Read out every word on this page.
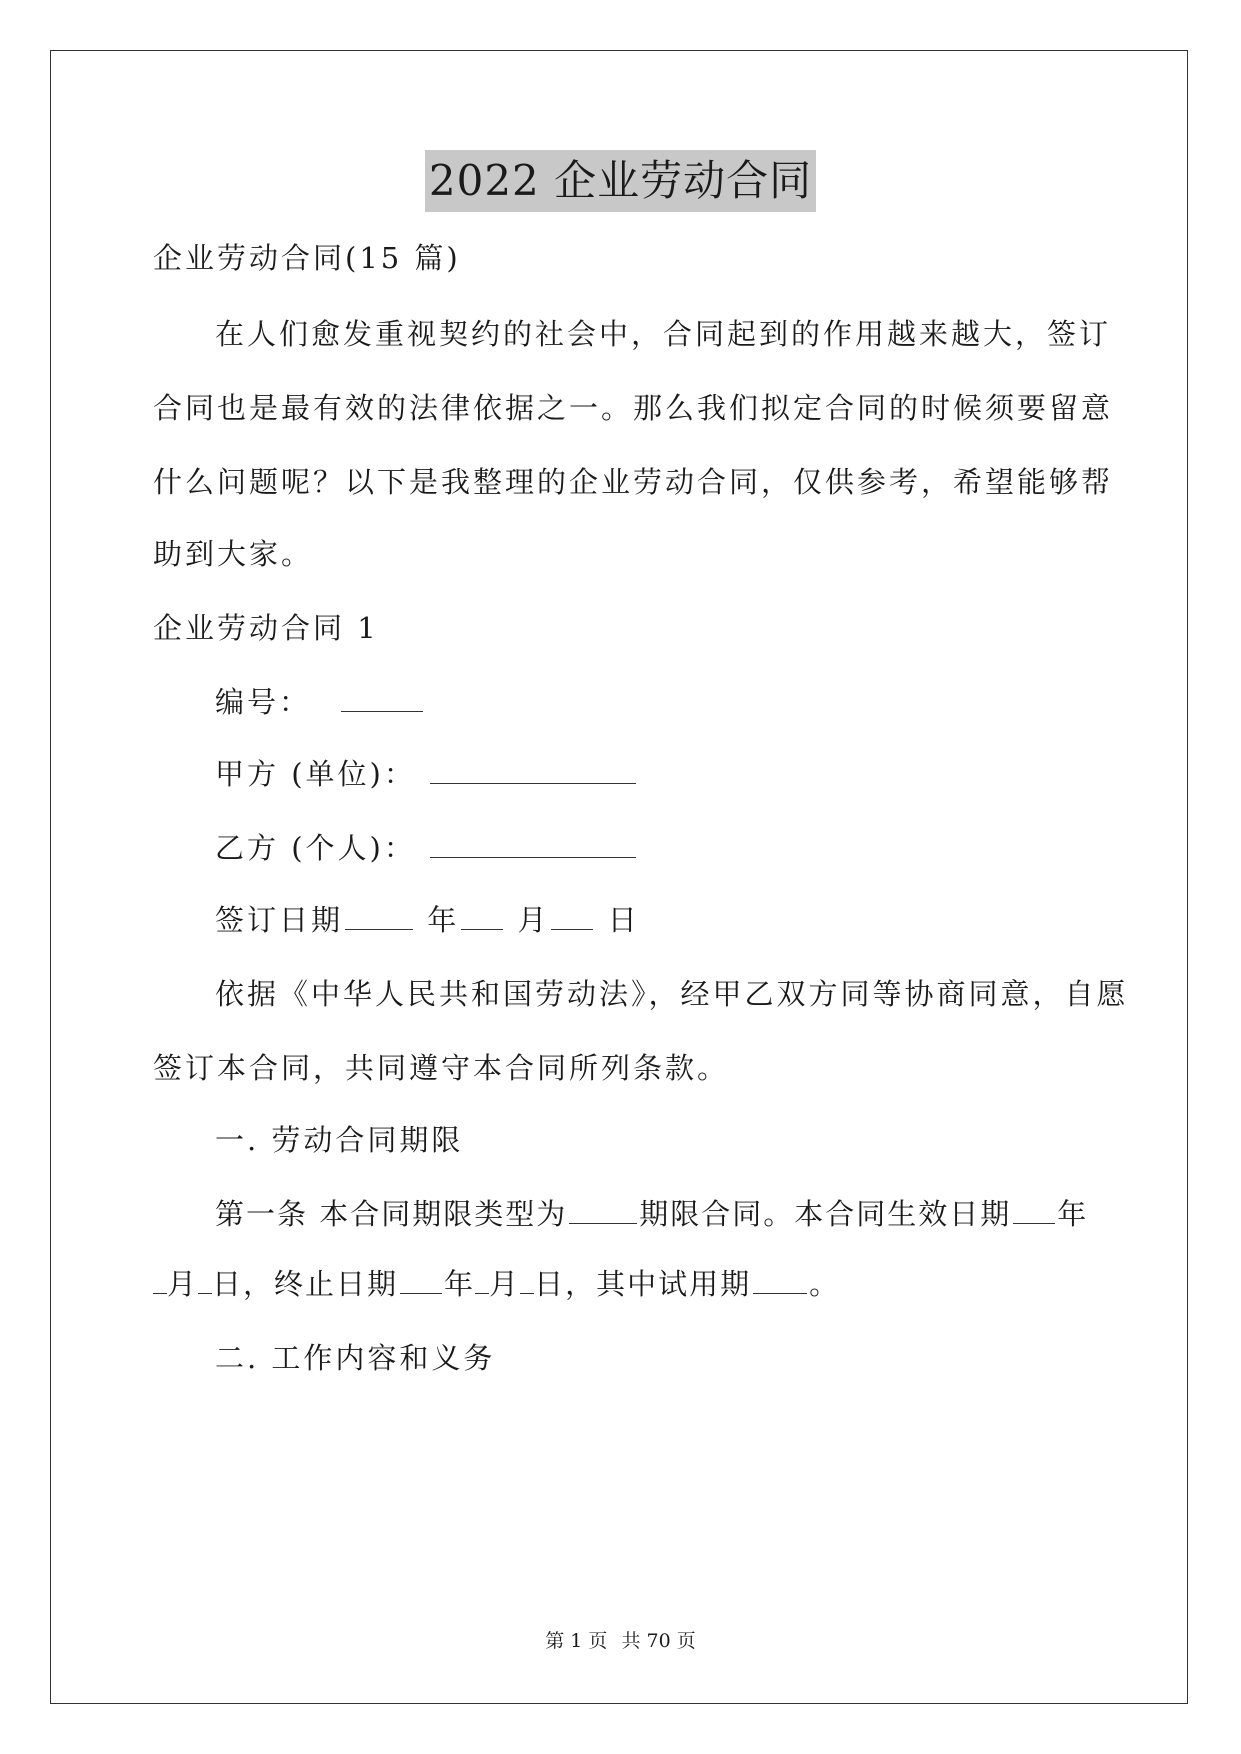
2022 企业劳动合同
企业劳动合同(15 篇)
在人们愈发重视契约的社会中，合同起到的作用越来越大，签订
合同也是最有效的法律依据之一。那么我们拟定合同的时候须要留意
什么问题呢？以下是我整理的企业劳动合同，仅供参考，希望能够帮
助到大家。
企业劳动合同 1
编号：
甲方 (单位)：
乙方 (个人)：
签订日期	年 月 日
依据《中华人民共和国劳动法》，经甲乙双方同等协商同意，自愿
签订本合同，共同遵守本合同所列条款。
一. 劳动合同期限
第一条 本合同期限类型为 期限合同。本合同生效日期 年
月 日，终止日期 年 月 日，其中试用期 。
二. 工作内容和义务
第 1 页 共 70 页
